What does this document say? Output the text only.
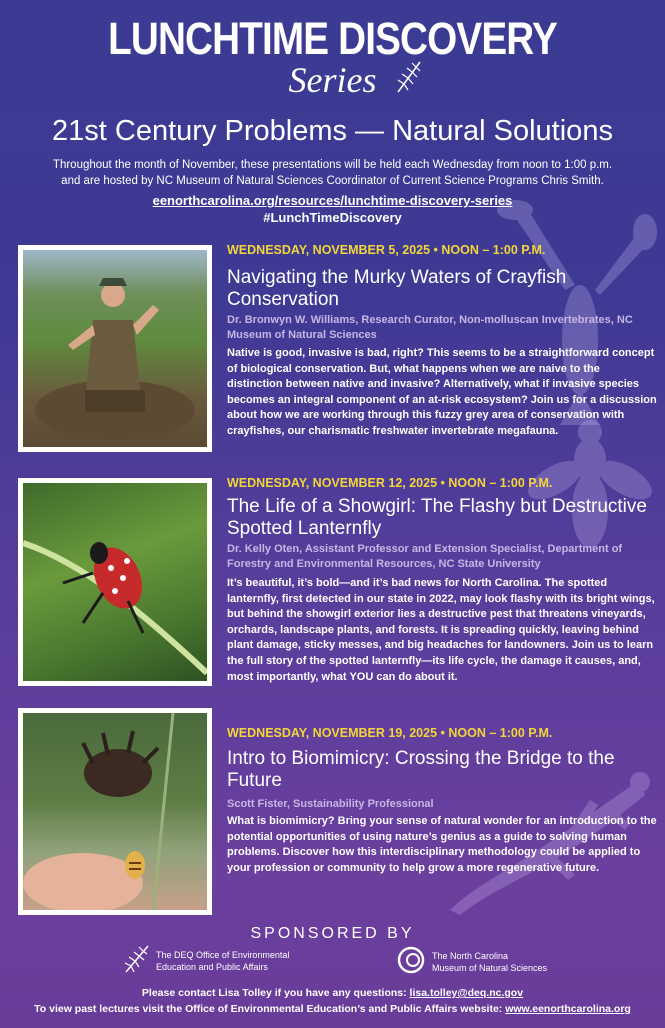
LUNCHTIME DISCOVERY
Series
21st Century Problems — Natural Solutions
Throughout the month of November, these presentations will be held each Wednesday from noon to 1:00 p.m.
and are hosted by NC Museum of Natural Sciences Coordinator of Current Science Programs Chris Smith.
eenorthcarolina.org/resources/lunchtime-discovery-series
#LunchTimeDiscovery
WEDNESDAY, NOVEMBER 5, 2025 • NOON – 1:00 P.M.
Navigating the Murky Waters of Crayfish Conservation
Dr. Bronwyn W. Williams, Research Curator, Non-molluscan Invertebrates, NC Museum of Natural Sciences
Native is good, invasive is bad, right? This seems to be a straightforward concept of biological conservation. But, what happens when we are naive to the distinction between native and invasive? Alternatively, what if invasive species becomes an integral component of an at-risk ecosystem? Join us for a discussion about how we are working through this fuzzy grey area of conservation with crayfishes, our charismatic freshwater invertebrate megafauna.
WEDNESDAY, NOVEMBER 12, 2025 • NOON – 1:00 P.M.
The Life of a Showgirl: The Flashy but Destructive Spotted Lanternfly
Dr. Kelly Oten, Assistant Professor and Extension Specialist, Department of Forestry and Environmental Resources, NC State University
It’s beautiful, it’s bold—and it’s bad news for North Carolina. The spotted lanternfly, first detected in our state in 2022, may look flashy with its bright wings, but behind the showgirl exterior lies a destructive pest that threatens vineyards, orchards, landscape plants, and forests. It is spreading quickly, leaving behind plant damage, sticky messes, and big headaches for landowners. Join us to learn the full story of the spotted lanternfly—its life cycle, the damage it causes, and, most importantly, what YOU can do about it.
WEDNESDAY, NOVEMBER 19, 2025 • NOON – 1:00 P.M.
Intro to Biomimicry: Crossing the Bridge to the Future
Scott Fister, Sustainability Professional
What is biomimicry? Bring your sense of natural wonder for an introduction to the potential opportunities of using nature’s genius as a guide to solving human problems. Discover how this interdisciplinary methodology could be applied to your profession or community to help grow a more regenerative future.
SPONSORED BY
The DEQ Office of Environmental
Education and Public Affairs
The North Carolina
Museum of Natural Sciences
Please contact Lisa Tolley if you have any questions: lisa.tolley@deq.nc.gov
To view past lectures visit the Office of Environmental Education’s and Public Affairs website: www.eenorthcarolina.org
